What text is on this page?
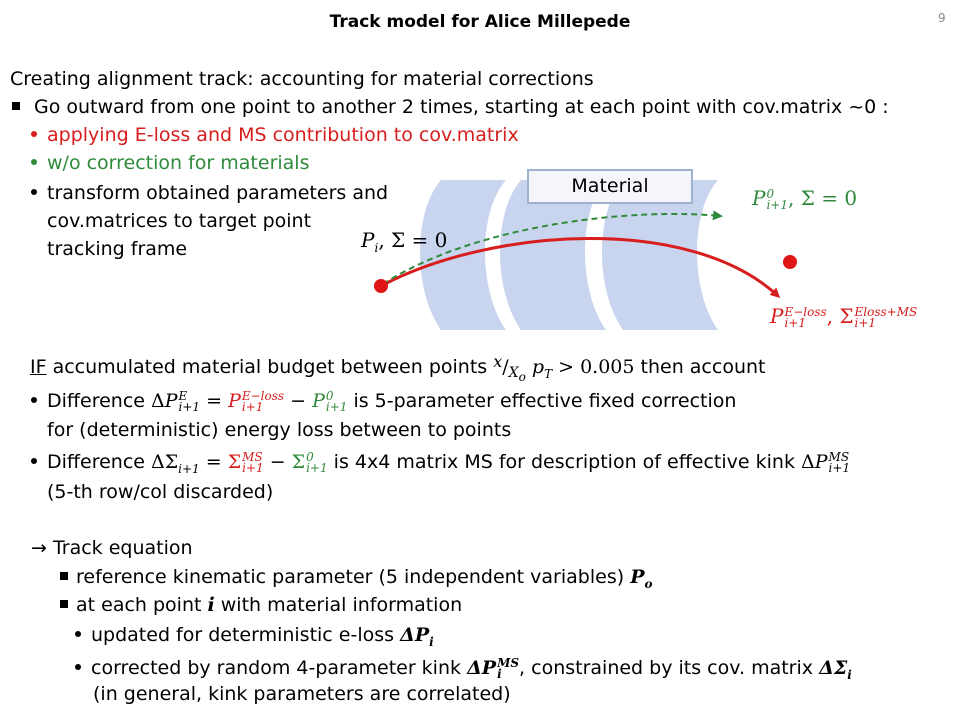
Track model for Alice Millepede	9
Creating alignment track: accounting for material corrections
Go outward from one point to another 2 times, starting at each point with cov.matrix ~0 :
applying E-loss and MS contribution to cov.matrix
w/o correction for materials
transform obtained parameters and
cov.matrices to target point
tracking frame
Material
$P_i$, Σ = 0
P 0
i+1 , Σ = 0
P E−loss
i+1	, Σ Eloss+MS
i+1
IF accumulated material budget between points $^x/_{X_o}$ $p_T > 0.005$ then account
Difference ΔP E
i+1 = P E−loss
i+1	− P 0
i+1 is 5-parameter effective fixed correction
for (deterministic) energy loss between to points
Difference $\Delta\Sigma_{i+1} = \Sigma$ MS
i+1 − Σ 0
i+1 is 4x4 matrix MS for description of effective kink ΔP MS
i+1
(5-th row/col discarded)
→ Track equation
reference kinematic parameter (5 independent variables) $P_o$
at each point i with material information
updated for deterministic e-loss $\Delta P_i$
corrected by random 4-parameter kink ΔP MS
i , constrained by its cov. matrix $\Delta\Sigma_i$
(in general, kink parameters are correlated)
